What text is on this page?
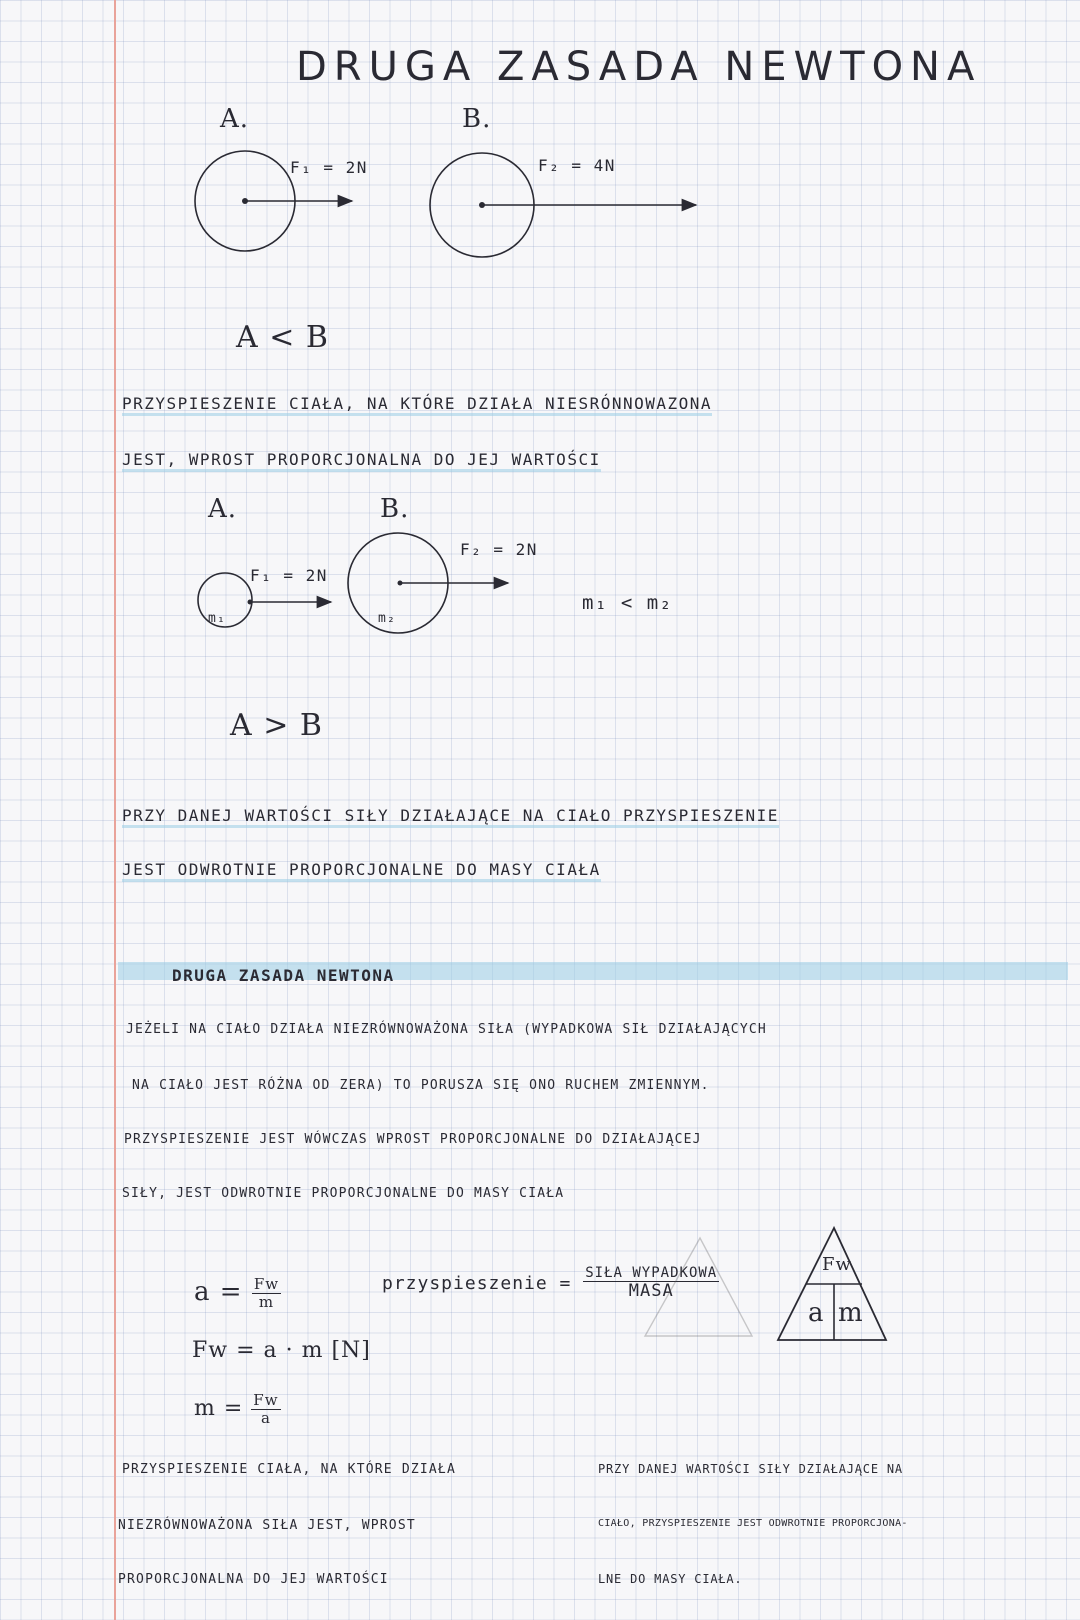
DRUGA ZASADA NEWTONA
A.	B.
F₁ = 2N	F₂ = 4N
A < B
PRZYSPIESZENIE CIAŁA, NA KTÓRE DZIAŁA NIESRÓNNOWAZONA
JEST, WPROST PROPORCJONALNA DO JEJ WARTOŚCI
A.	B.
F₁ = 2N
F₂ = 2N
m₁	m₂
m₁ < m₂
A > B
PRZY DANEJ WARTOŚCI SIŁY DZIAŁAJĄCE NA CIAŁO PRZYSPIESZENIE
JEST ODWROTNIE PROPORCJONALNE DO MASY CIAŁA
DRUGA ZASADA NEWTONA
JEŻELI NA CIAŁO DZIAŁA NIEZRÓWNOWAŻONA SIŁA (WYPADKOWA SIŁ DZIAŁAJĄCYCH
NA CIAŁO JEST RÓŻNA OD ZERA) TO PORUSZA SIĘ ONO RUCHEM ZMIENNYM.
PRZYSPIESZENIE JEST WÓWCZAS WPROST PROPORCJONALNE DO DZIAŁAJĄCEJ
SIŁY, JEST ODWROTNIE PROPORCJONALNE DO MASY CIAŁA
$a = \frac{Fw}{m}$
Fw = a · m [N]
$m = \frac{Fw}{a}$
przyspieszenie = $\frac{\text{SIŁA WYPADKOWA}}{\text{MASA}}$
Fw
a m
PRZYSPIESZENIE CIAŁA, NA KTÓRE DZIAŁA
NIEZRÓWNOWAŻONA SIŁA JEST, WPROST
PROPORCJONALNA DO JEJ WARTOŚCI
PRZY DANEJ WARTOŚCI SIŁY DZIAŁAJĄCE NA
CIAŁO, PRZYSPIESZENIE JEST ODWROTNIE PROPORCJONA-
LNE DO MASY CIAŁA.
